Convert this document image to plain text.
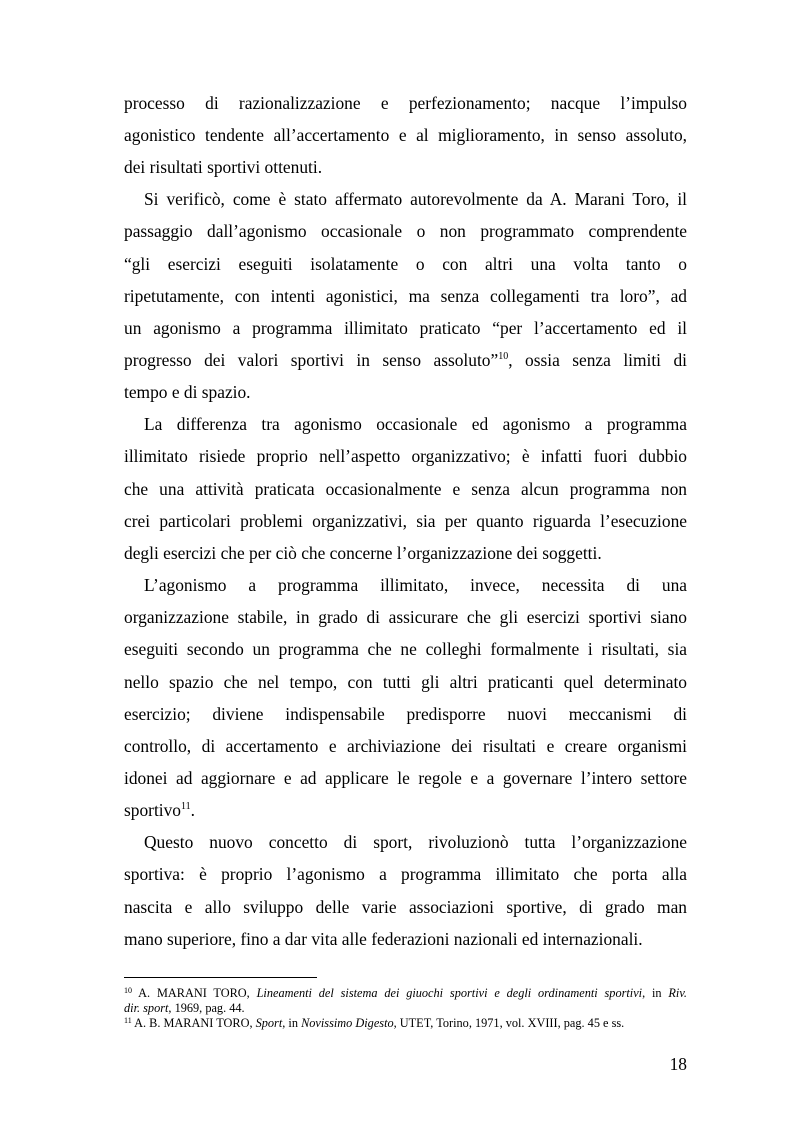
processo di razionalizzazione e perfezionamento; nacque l’impulso
agonistico tendente all’accertamento e al miglioramento, in senso assoluto,
dei risultati sportivi ottenuti.
Si verificò, come è stato affermato autorevolmente da A. Marani Toro, il
passaggio dall’agonismo occasionale o non programmato comprendente
“gli esercizi eseguiti isolatamente o con altri una volta tanto o
ripetutamente, con intenti agonistici, ma senza collegamenti tra loro”, ad
un agonismo a programma illimitato praticato “per l’accertamento ed il
progresso dei valori sportivi in senso assoluto”$^{10}$, ossia senza limiti di
tempo e di spazio.
La differenza tra agonismo occasionale ed agonismo a programma
illimitato risiede proprio nell’aspetto organizzativo; è infatti fuori dubbio
che una attività praticata occasionalmente e senza alcun programma non
crei particolari problemi organizzativi, sia per quanto riguarda l’esecuzione
degli esercizi che per ciò che concerne l’organizzazione dei soggetti.
L’agonismo a programma illimitato, invece, necessita di una
organizzazione stabile, in grado di assicurare che gli esercizi sportivi siano
eseguiti secondo un programma che ne colleghi formalmente i risultati, sia
nello spazio che nel tempo, con tutti gli altri praticanti quel determinato
esercizio; diviene indispensabile predisporre nuovi meccanismi di
controllo, di accertamento e archiviazione dei risultati e creare organismi
idonei ad aggiornare e ad applicare le regole e a governare l’intero settore
sportivo$^{11}$.
Questo nuovo concetto di sport, rivoluzionò tutta l’organizzazione
sportiva: è proprio l’agonismo a programma illimitato che porta alla
nascita e allo sviluppo delle varie associazioni sportive, di grado man
mano superiore, fino a dar vita alle federazioni nazionali ed internazionali.
$^{10}$ A. MARANI TORO, Lineamenti del sistema dei giuochi sportivi e degli ordinamenti sportivi, in Riv.
dir. sport, 1969, pag. 44.
$^{11}$ A. B. MARANI TORO, Sport, in Novissimo Digesto, UTET, Torino, 1971, vol. XVIII, pag. 45 e ss.
18
